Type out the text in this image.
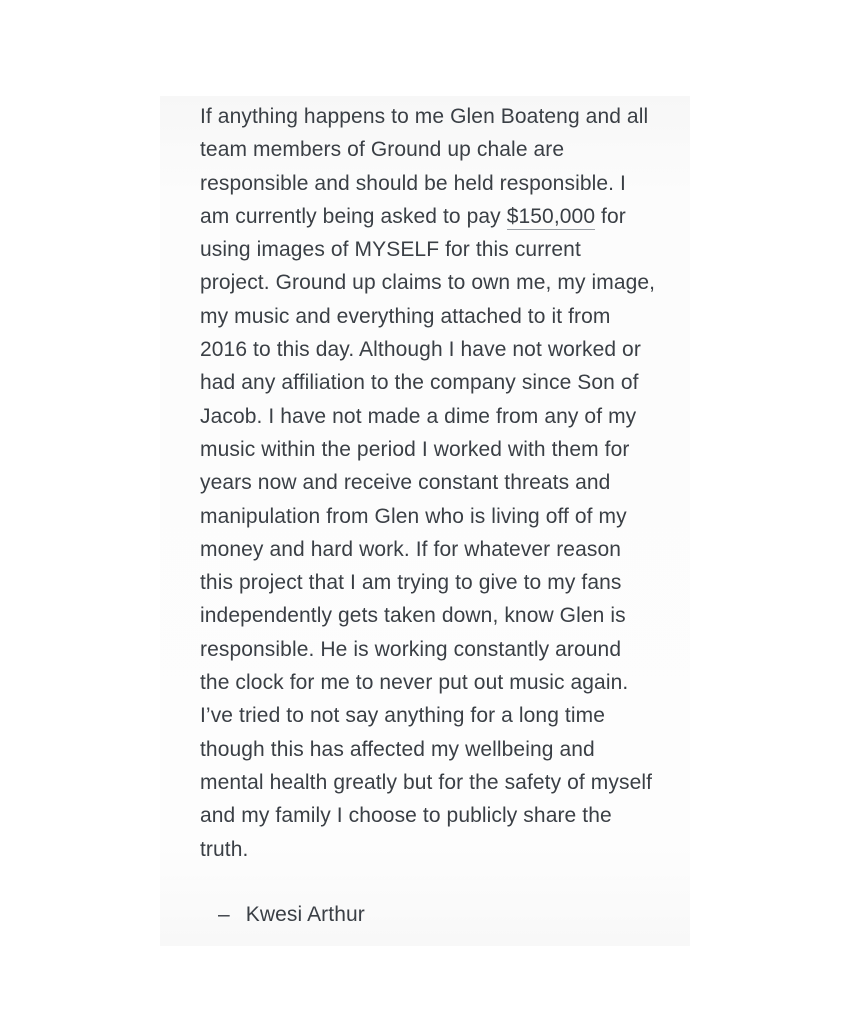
If anything happens to me Glen Boateng and all team members of Ground up chale are responsible and should be held responsible. I am currently being asked to pay $150,000 for using images of MYSELF for this current project. Ground up claims to own me, my image, my music and everything attached to it from 2016 to this day. Although I have not worked or had any affiliation to the company since Son of Jacob. I have not made a dime from any of my music within the period I worked with them for years now and receive constant threats and manipulation from Glen who is living off of my money and hard work. If for whatever reason this project that I am trying to give to my fans independently gets taken down, know Glen is responsible. He is working constantly around the clock for me to never put out music again. I’ve tried to not say anything for a long time though this has affected my wellbeing and mental health greatly but for the safety of myself and my family I choose to publicly share the truth.

– Kwesi Arthur
